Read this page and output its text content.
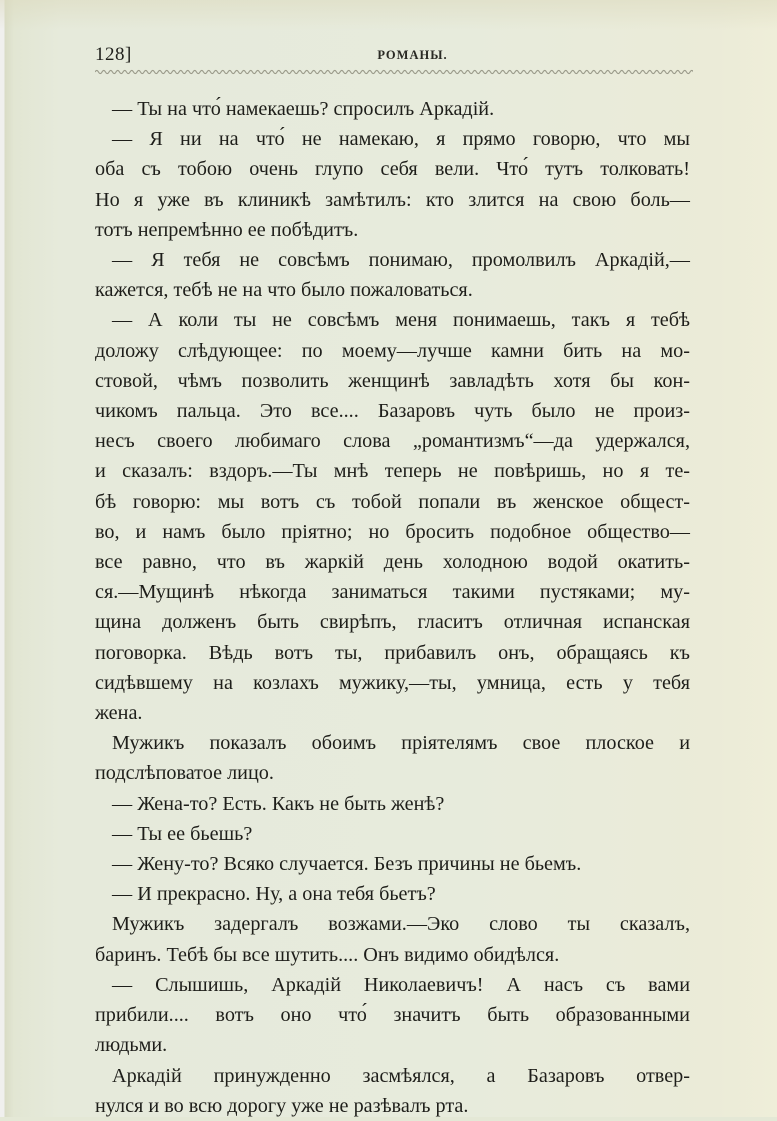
128]	РОМАНЫ.

— Ты на что́ намекаешь? спросилъ Аркадій.

— Я ни на что́ не намекаю, я прямо говорю, что мы
оба съ тобою очень глупо себя вели. Что́ тутъ толковать!
Но я уже въ клиникѣ замѣтилъ: кто злится на свою боль—
тотъ непремѣнно ее побѣдитъ.

— Я тебя не совсѣмъ понимаю, промолвилъ Аркадій,—
кажется, тебѣ не на что было пожаловаться.

— А коли ты не совсѣмъ меня понимаешь, такъ я тебѣ
доложу слѣдующее: по моему—лучше камни бить на мо-
стовой, чѣмъ позволить женщинѣ завладѣть хотя бы кон-
чикомъ пальца. Это все.... Базаровъ чуть было не произ-
несъ своего любимаго слова „романтизмъ“—да удержался,
и сказалъ: вздоръ.—Ты мнѣ теперь не повѣришь, но я те-
бѣ говорю: мы вотъ съ тобой попали въ женское общест-
во, и намъ было пріятно; но бросить подобное общество—
все равно, что въ жаркій день холодною водой окатить-
ся.—Мущинѣ нѣкогда заниматься такими пустяками; му-
щина долженъ быть свирѣпъ, гласитъ отличная испанская
поговорка. Вѣдь вотъ ты, прибавилъ онъ, обращаясь къ
сидѣвшему на козлахъ мужику,—ты, умница, есть у тебя
жена.

Мужикъ показалъ обоимъ пріятелямъ свое плоское и
подслѣповатое лицо.

— Жена-то? Есть. Какъ не быть женѣ?

— Ты ее бьешь?

— Жену-то? Всяко случается. Безъ причины не бьемъ.

— И прекрасно. Ну, а она тебя бьетъ?

Мужикъ задергалъ возжами.—Эко слово ты сказалъ,
баринъ. Тебѣ бы все шутить.... Онъ видимо обидѣлся.

— Слышишь, Аркадій Николаевичъ! А насъ съ вами
прибили.... вотъ оно что́ значитъ быть образованными
людьми.

Аркадій принужденно засмѣялся, а Базаровъ отвер-
нулся и во всю дорогу уже не разѣвалъ рта.
